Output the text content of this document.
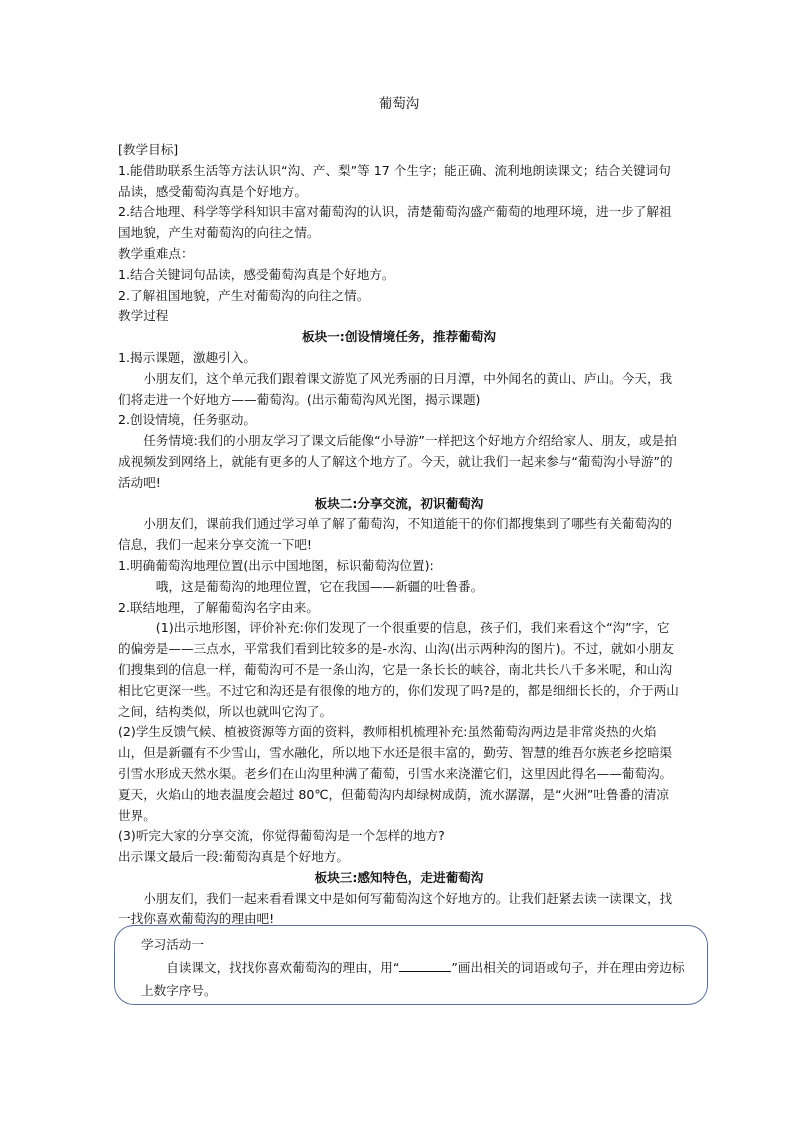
葡萄沟

[教学目标]

1.能借助联系生活等方法认识“沟、产、梨”等 17 个生字；能正确、流利地朗读课文；结合关键词句品读，感受葡萄沟真是个好地方。

2.结合地理、科学等学科知识丰富对葡萄沟的认识，清楚葡萄沟盛产葡萄的地理环境，进一步了解祖国地貌，产生对葡萄沟的向往之情。

教学重难点：

1.结合关键词句品读，感受葡萄沟真是个好地方。

2.了解祖国地貌，产生对葡萄沟的向往之情。

教学过程

板块一:创设情境任务，推荐葡萄沟

1.揭示课题，激趣引入。

小朋友们，这个单元我们跟着课文游览了风光秀丽的日月潭，中外闻名的黄山、庐山。今天，我们将走进一个好地方——葡萄沟。(出示葡萄沟风光图，揭示课题)

2.创设情境，任务驱动。

任务情境:我们的小朋友学习了课文后能像“小导游”一样把这个好地方介绍给家人、朋友，或是拍成视频发到网络上，就能有更多的人了解这个地方了。今天，就让我们一起来参与“葡萄沟小导游”的活动吧!

板块二:分享交流，初识葡萄沟

小朋友们，课前我们通过学习单了解了葡萄沟，不知道能干的你们都搜集到了哪些有关葡萄沟的信息，我们一起来分享交流一下吧!

1.明确葡萄沟地理位置(出示中国地图，标识葡萄沟位置):

哦，这是葡萄沟的地理位置，它在我国——新疆的吐鲁番。

2.联结地理，了解葡萄沟名字由来。

(1)出示地形图，评价补充:你们发现了一个很重要的信息，孩子们，我们来看这个“沟”字，它的偏旁是——三点水，平常我们看到比较多的是-水沟、山沟(出示两种沟的图片)。不过，就如小朋友们搜集到的信息一样，葡萄沟可不是一条山沟，它是一条长长的峡谷，南北共长八千多米呢，和山沟相比它更深一些。不过它和沟还是有很像的地方的，你们发现了吗?是的，都是细细长长的，介于两山之间，结构类似，所以也就叫它沟了。

(2)学生反馈气候、植被资源等方面的资料，教师相机梳理补充:虽然葡萄沟两边是非常炎热的火焰山，但是新疆有不少雪山，雪水融化，所以地下水还是很丰富的，勤劳、智慧的维吾尔族老乡挖暗渠引雪水形成天然水渠。老乡们在山沟里种满了葡萄，引雪水来浇灌它们，这里因此得名——葡萄沟。夏天，火焰山的地表温度会超过 80℃，但葡萄沟内却绿树成荫，流水潺潺，是“火洲”吐鲁番的清凉世界。

(3)听完大家的分享交流，你觉得葡萄沟是一个怎样的地方?

出示课文最后一段:葡萄沟真是个好地方。

板块三:感知特色，走进葡萄沟

小朋友们，我们一起来看看课文中是如何写葡萄沟这个好地方的。让我们赶紧去读一读课文，找一找你喜欢葡萄沟的理由吧!

学习活动一

自读课文，找找你喜欢葡萄沟的理由，用“	”画出相关的词语或句子，并在理由旁边标上数字序号。
